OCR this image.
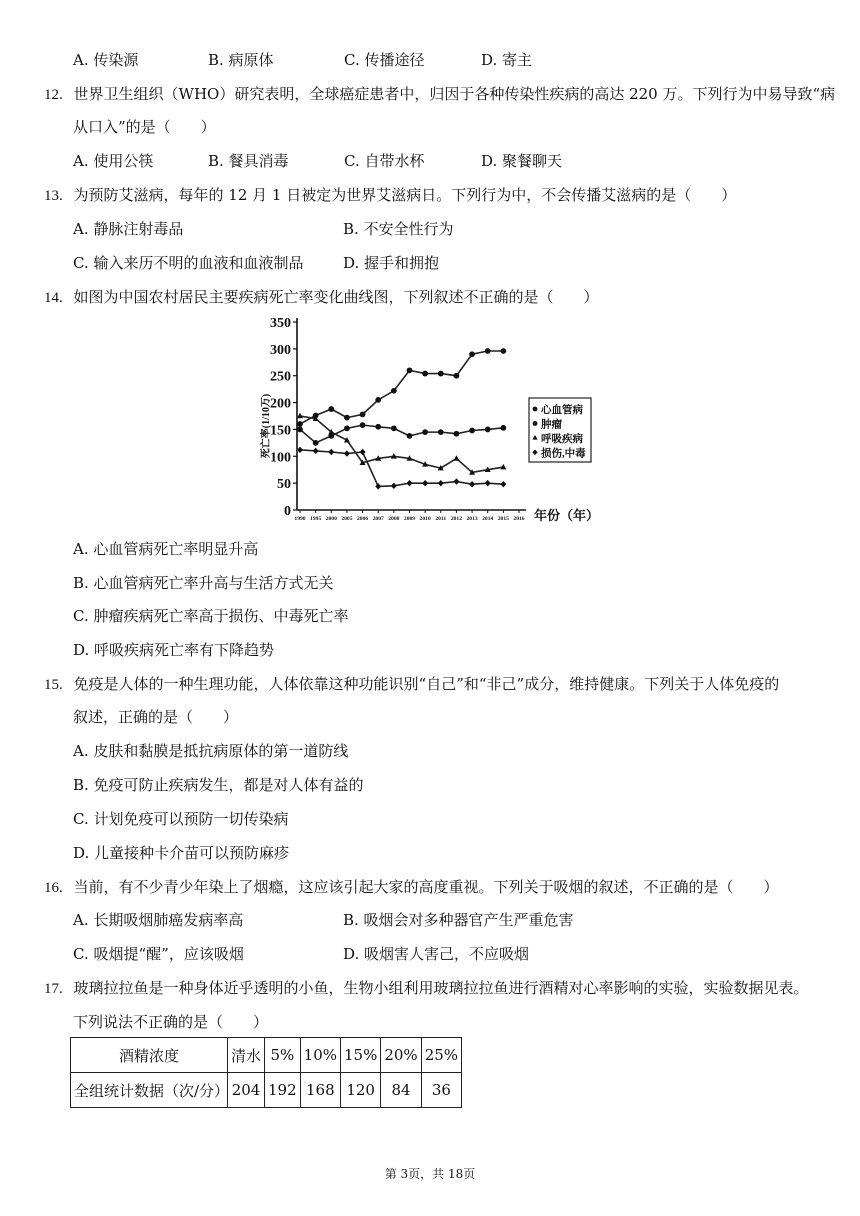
A. 传染源	B. 病原体	C. 传播途径	D. 寄主
12. 世界卫生组织（WHO）研究表明，全球癌症患者中，归因于各种传染性疾病的高达 220 万。下列行为中易导致“病
从口入”的是（　　）
A. 使用公筷	B. 餐具消毒	C. 自带水杯	D. 聚餐聊天
13. 为预防艾滋病，每年的 12 月 1 日被定为世界艾滋病日。下列行为中，不会传播艾滋病的是（　　）
A. 静脉注射毒品	B. 不安全性行为
C. 输入来历不明的血液和血液制品	D. 握手和拥抱
14. 如图为中国农村居民主要疾病死亡率变化曲线图，下列叙述不正确的是（　　）
0
50
100
150
200
250
300
350
死亡率(1/10万)
1990 1995 2000 2005 2006 2007 2008 2009 2010 2011 2012 2013 2014 2015 2016 年份（年）
心血管病
肿瘤
呼吸疾病
损伤,中毒
A. 心血管病死亡率明显升高
B. 心血管病死亡率升高与生活方式无关
C. 肿瘤疾病死亡率高于损伤、中毒死亡率
D. 呼吸疾病死亡率有下降趋势
15. 免疫是人体的一种生理功能，人体依靠这种功能识别“自己”和“非己”成分，维持健康。下列关于人体免疫的
叙述，正确的是（　　）
A. 皮肤和黏膜是抵抗病原体的第一道防线
B. 免疫可防止疾病发生，都是对人体有益的
C. 计划免疫可以预防一切传染病
D. 儿童接种卡介苗可以预防麻疹
16. 当前，有不少青少年染上了烟瘾，这应该引起大家的高度重视。下列关于吸烟的叙述，不正确的是（　　）
A. 长期吸烟肺癌发病率高	B. 吸烟会对多种器官产生严重危害
C. 吸烟提“醒”，应该吸烟	D. 吸烟害人害己，不应吸烟
17. 玻璃拉拉鱼是一种身体近乎透明的小鱼，生物小组利用玻璃拉拉鱼进行酒精对心率影响的实验，实验数据见表。
下列说法不正确的是（　　）
酒精浓度	清水	5%	10%	15%	20%	25%
全组统计数据（次/分）	204	192	168	120	84	36
第 3页，共 18页
